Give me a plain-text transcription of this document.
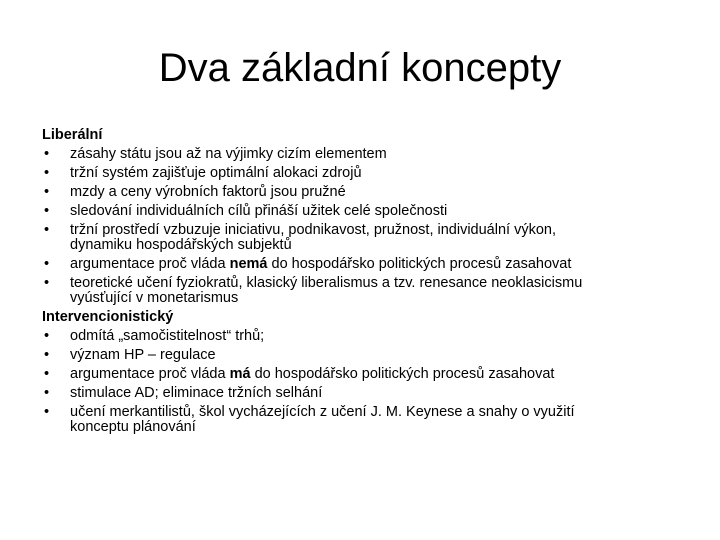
Dva základní koncepty
Liberální
• zásahy státu jsou až na výjimky cizím elementem
• tržní systém zajišťuje optimální alokaci zdrojů
• mzdy a ceny výrobních faktorů jsou pružné
• sledování individuálních cílů přináší užitek celé společnosti
• tržní prostředí vzbuzuje iniciativu, podnikavost, pružnost, individuální výkon,
dynamiku hospodářských subjektů
• argumentace proč vláda nemá do hospodářsko politických procesů zasahovat
• teoretické učení fyziokratů, klasický liberalismus a tzv. renesance neoklasicismu
vyúsťující v monetarismus
Intervencionistický
• odmítá „samočistitelnost“ trhů;
• význam HP – regulace
• argumentace proč vláda má do hospodářsko politických procesů zasahovat
• stimulace AD; eliminace tržních selhání
• učení merkantilistů, škol vycházejících z učení J. M. Keynese a snahy o využití
konceptu plánování
